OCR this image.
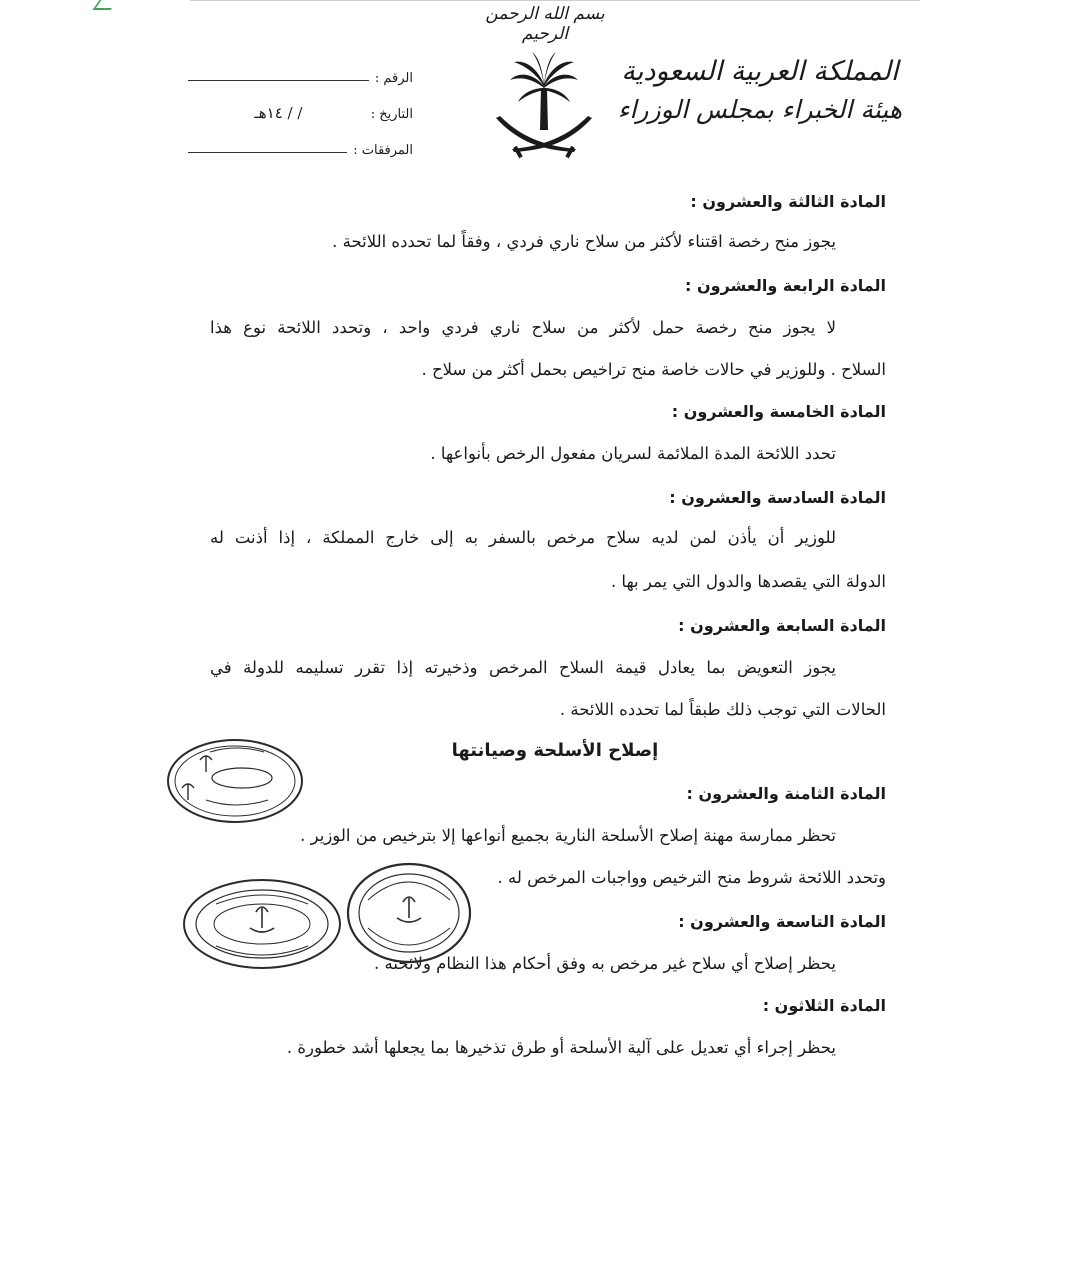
بسم الله الرحمن الرحيم
المملكة العربية السعودية
هيئة الخبراء بمجلس الوزراء
الرقم :
التاريخ :
/ / ١٤هـ
المرفقات :
المادة الثالثة والعشرون :
يجوز منح رخصة اقتناء لأكثر من سلاح ناري فردي ، وفقاً لما تحدده اللائحة .
المادة الرابعة والعشرون :
لا يجوز منح رخصة حمل لأكثر من سلاح ناري فردي واحد ، وتحدد اللائحة نوع هذا
السلاح . وللوزير في حالات خاصة منح تراخيص بحمل أكثر من سلاح .
المادة الخامسة والعشرون :
تحدد اللائحة المدة الملائمة لسريان مفعول الرخص بأنواعها .
المادة السادسة والعشرون :
للوزير أن يأذن لمن لديه سلاح مرخص بالسفر به إلى خارج المملكة ، إذا أذنت له
الدولة التي يقصدها والدول التي يمر بها .
المادة السابعة والعشرون :
يجوز التعويض بما يعادل قيمة السلاح المرخص وذخيرته إذا تقرر تسليمه للدولة في
الحالات التي توجب ذلك طبقاً لما تحدده اللائحة .
إصلاح الأسلحة وصيانتها
المادة الثامنة والعشرون :
تحظر ممارسة مهنة إصلاح الأسلحة النارية بجميع أنواعها إلا بترخيص من الوزير .
وتحدد اللائحة شروط منح الترخيص وواجبات المرخص له .
المادة التاسعة والعشرون :
يحظر إصلاح أي سلاح غير مرخص به وفق أحكام هذا النظام ولائحته .
المادة الثلاثون :
يحظر إجراء أي تعديل على آلية الأسلحة أو طرق تذخيرها بما يجعلها أشد خطورة .
